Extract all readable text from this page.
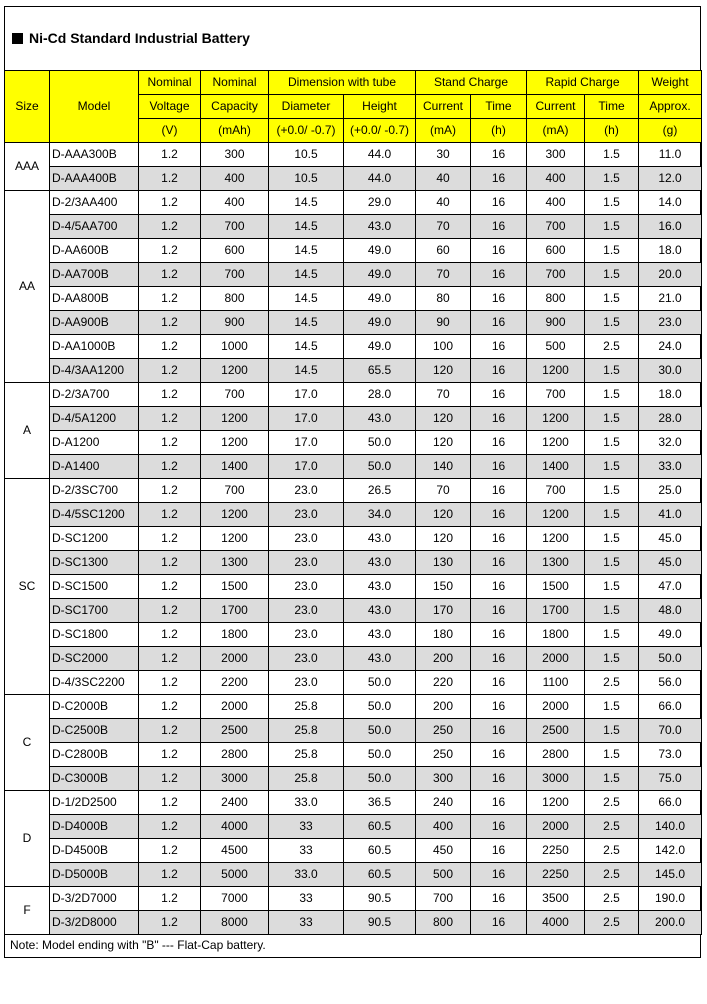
Ni-Cd Standard Industrial Battery
Size	Model	Nominal	Nominal	Dimension with tube		Stand Charge		Rapid Charge		Weight
		Voltage	Capacity	Diameter	Height	Current	Time	Current	Time	Approx.
		(V)	(mAh)	(+0.0/ -0.7)	(+0.0/ -0.7)	(mA)	(h)	(mA)	(h)	(g)
AAA	D-AAA300B	1.2	300	10.5	44.0	30	16	300	1.5	11.0
	D-AAA400B	1.2	400	10.5	44.0	40	16	400	1.5	12.0
AA	D-2/3AA400	1.2	400	14.5	29.0	40	16	400	1.5	14.0
	D-4/5AA700	1.2	700	14.5	43.0	70	16	700	1.5	16.0
	D-AA600B	1.2	600	14.5	49.0	60	16	600	1.5	18.0
	D-AA700B	1.2	700	14.5	49.0	70	16	700	1.5	20.0
	D-AA800B	1.2	800	14.5	49.0	80	16	800	1.5	21.0
	D-AA900B	1.2	900	14.5	49.0	90	16	900	1.5	23.0
	D-AA1000B	1.2	1000	14.5	49.0	100	16	500	2.5	24.0
	D-4/3AA1200	1.2	1200	14.5	65.5	120	16	1200	1.5	30.0
A	D-2/3A700	1.2	700	17.0	28.0	70	16	700	1.5	18.0
	D-4/5A1200	1.2	1200	17.0	43.0	120	16	1200	1.5	28.0
	D-A1200	1.2	1200	17.0	50.0	120	16	1200	1.5	32.0
	D-A1400	1.2	1400	17.0	50.0	140	16	1400	1.5	33.0
SC	D-2/3SC700	1.2	700	23.0	26.5	70	16	700	1.5	25.0
	D-4/5SC1200	1.2	1200	23.0	34.0	120	16	1200	1.5	41.0
	D-SC1200	1.2	1200	23.0	43.0	120	16	1200	1.5	45.0
	D-SC1300	1.2	1300	23.0	43.0	130	16	1300	1.5	45.0
	D-SC1500	1.2	1500	23.0	43.0	150	16	1500	1.5	47.0
	D-SC1700	1.2	1700	23.0	43.0	170	16	1700	1.5	48.0
	D-SC1800	1.2	1800	23.0	43.0	180	16	1800	1.5	49.0
	D-SC2000	1.2	2000	23.0	43.0	200	16	2000	1.5	50.0
	D-4/3SC2200	1.2	2200	23.0	50.0	220	16	1100	2.5	56.0
C	D-C2000B	1.2	2000	25.8	50.0	200	16	2000	1.5	66.0
	D-C2500B	1.2	2500	25.8	50.0	250	16	2500	1.5	70.0
	D-C2800B	1.2	2800	25.8	50.0	250	16	2800	1.5	73.0
	D-C3000B	1.2	3000	25.8	50.0	300	16	3000	1.5	75.0
D	D-1/2D2500	1.2	2400	33.0	36.5	240	16	1200	2.5	66.0
	D-D4000B	1.2	4000	33	60.5	400	16	2000	2.5	140.0
	D-D4500B	1.2	4500	33	60.5	450	16	2250	2.5	142.0
	D-D5000B	1.2	5000	33.0	60.5	500	16	2250	2.5	145.0
F	D-3/2D7000	1.2	7000	33	90.5	700	16	3500	2.5	190.0
	D-3/2D8000	1.2	8000	33	90.5	800	16	4000	2.5	200.0
Note: Model ending with "B" --- Flat-Cap battery.
